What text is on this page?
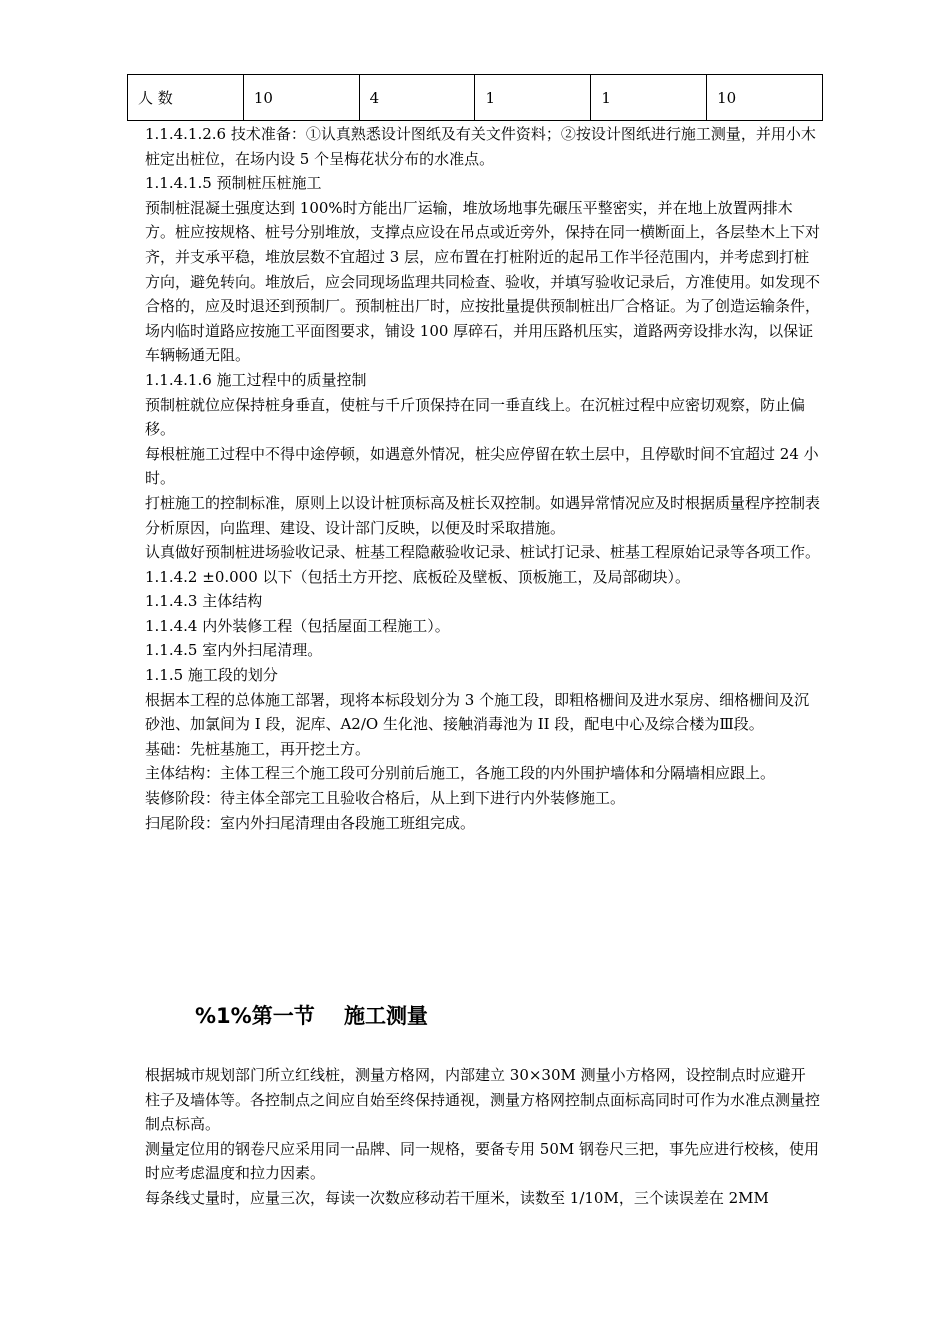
人 数	10	4	1	1	10

1.1.4.1.2.6 技术准备：①认真熟悉设计图纸及有关文件资料；②按设计图纸进行施工测量，并用小木桩定出桩位，在场内设 5 个呈梅花状分布的水准点。

1.1.4.1.5 预制桩压桩施工

预制桩混凝土强度达到 100%时方能出厂运输，堆放场地事先碾压平整密实，并在地上放置两排木方。桩应按规格、桩号分别堆放，支撑点应设在吊点或近旁外，保持在同一横断面上，各层垫木上下对齐，并支承平稳，堆放层数不宜超过 3 层，应布置在打桩附近的起吊工作半径范围内，并考虑到打桩方向，避免转向。堆放后，应会同现场监理共同检查、验收，并填写验收记录后，方准使用。如发现不合格的，应及时退还到预制厂。预制桩出厂时，应按批量提供预制桩出厂合格证。为了创造运输条件，场内临时道路应按施工平面图要求，铺设 100 厚碎石，并用压路机压实，道路两旁设排水沟，以保证车辆畅通无阻。

1.1.4.1.6 施工过程中的质量控制

预制桩就位应保持桩身垂直，使桩与千斤顶保持在同一垂直线上。在沉桩过程中应密切观察，防止偏移。

每根桩施工过程中不得中途停顿，如遇意外情况，桩尖应停留在软土层中，且停歇时间不宜超过 24 小时。

打桩施工的控制标准，原则上以设计桩顶标高及桩长双控制。如遇异常情况应及时根据质量程序控制表分析原因，向监理、建设、设计部门反映，以便及时采取措施。

认真做好预制桩进场验收记录、桩基工程隐蔽验收记录、桩试打记录、桩基工程原始记录等各项工作。

1.1.4.2 ±0.000 以下（包括土方开挖、底板砼及壁板、顶板施工，及局部砌块）。

1.1.4.3 主体结构

1.1.4.4 内外装修工程（包括屋面工程施工）。

1.1.4.5 室内外扫尾清理。

1.1.5 施工段的划分

根据本工程的总体施工部署，现将本标段划分为 3 个施工段，即粗格栅间及进水泵房、细格栅间及沉砂池、加氯间为 I 段，泥库、A2/O 生化池、接触消毒池为 II 段，配电中心及综合楼为Ⅲ段。

基础：先桩基施工，再开挖土方。

主体结构：主体工程三个施工段可分别前后施工，各施工段的内外围护墙体和分隔墙相应跟上。

装修阶段：待主体全部完工且验收合格后，从上到下进行内外装修施工。

扫尾阶段：室内外扫尾清理由各段施工班组完成。

%1%第一节    施工测量

根据城市规划部门所立红线桩，测量方格网，内部建立 30×30M 测量小方格网，设控制点时应避开柱子及墙体等。各控制点之间应自始至终保持通视，测量方格网控制点面标高同时可作为水准点测量控制点标高。

测量定位用的钢卷尺应采用同一品牌、同一规格，要备专用 50M 钢卷尺三把，事先应进行校核，使用时应考虑温度和拉力因素。

每条线丈量时，应量三次，每读一次数应移动若干厘米，读数至 1/10M，三个读误差在 2MM
